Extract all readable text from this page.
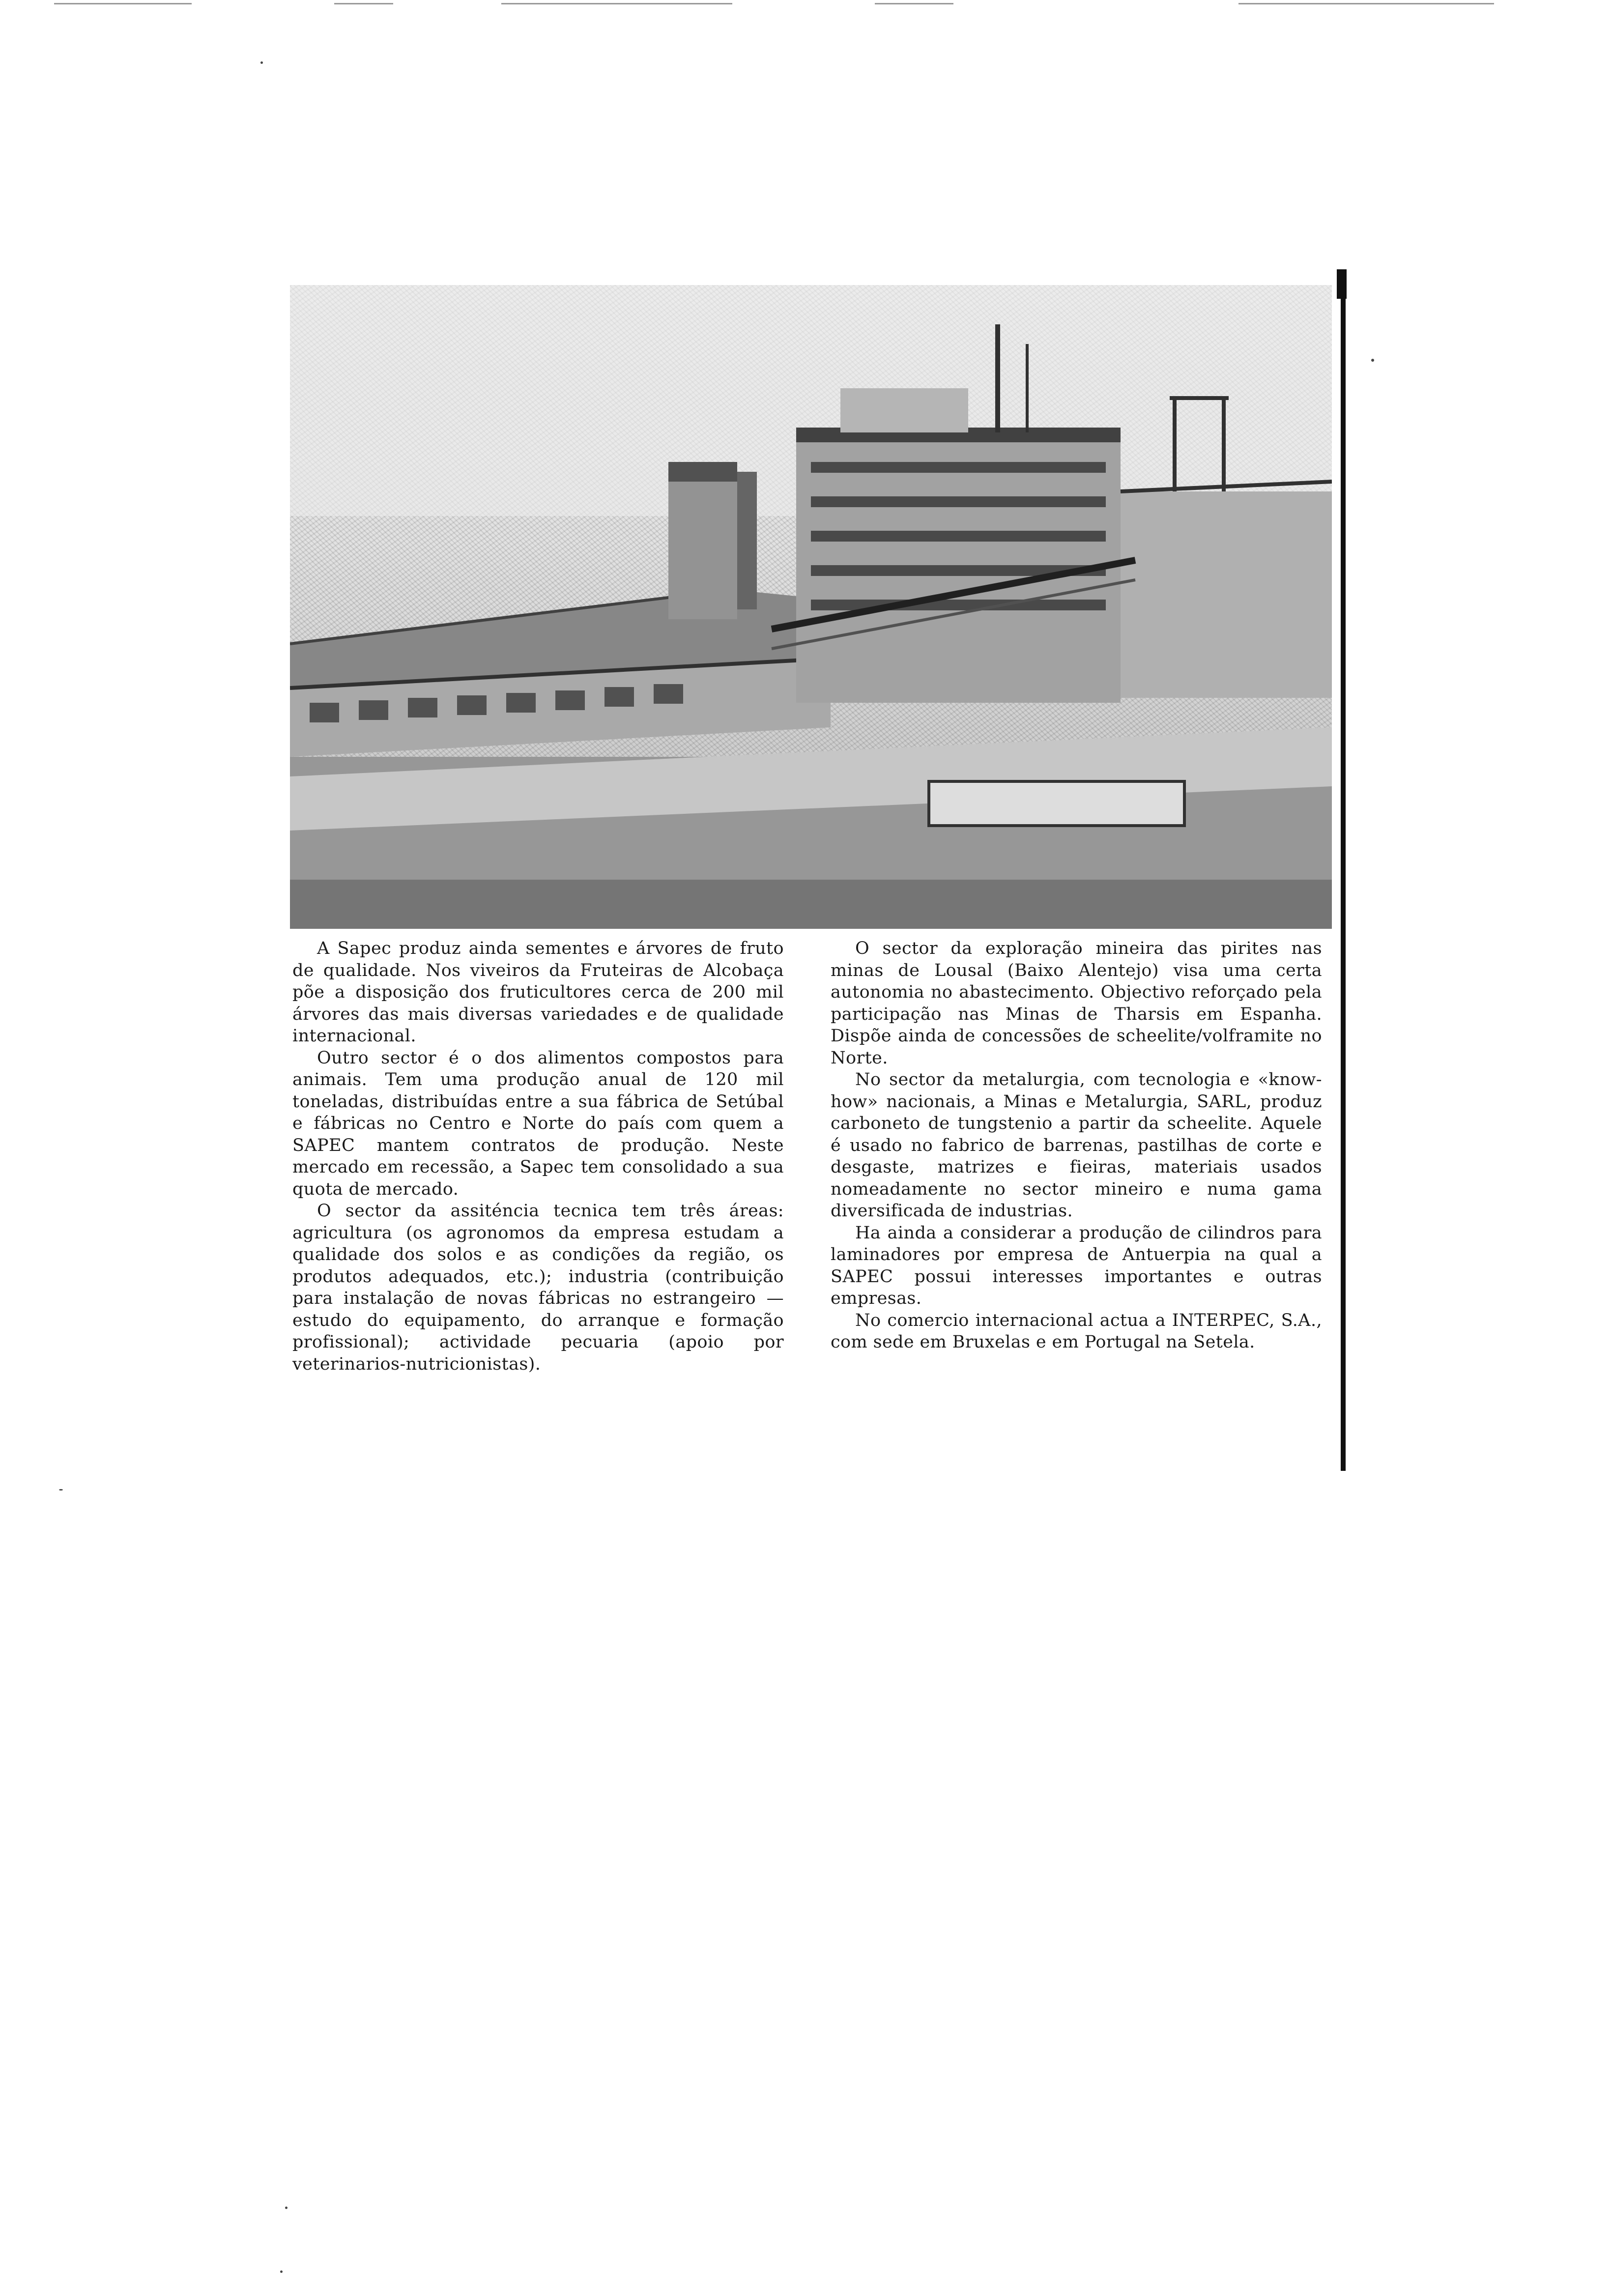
A Sapec produz ainda sementes e árvores de fruto de qualidade. Nos viveiros da Fruteiras de Alcobaça põe a disposição dos fruticultores cerca de 200 mil árvores das mais diversas variedades e de qualidade internacional.

Outro sector é o dos alimentos compostos para animais. Tem uma produção anual de 120 mil toneladas, distribuídas entre a sua fábrica de Setúbal e fábricas no Centro e Norte do país com quem a SAPEC mantem contratos de produção. Neste mercado em recessão, a Sapec tem consolidado a sua quota de mercado.

O sector da assiténcia tecnica tem três áreas: agricultura (os agronomos da empresa estudam a qualidade dos solos e as condições da região, os produtos adequados, etc.); industria (contribuição para instalação de novas fábricas no estrangeiro — estudo do equipamento, do arranque e formação profissional); actividade pecuaria (apoio por veterinarios-nutricionistas).

O sector da exploração mineira das pirites nas minas de Lousal (Baixo Alentejo) visa uma certa autonomia no abastecimento. Objectivo reforçado pela participação nas Minas de Tharsis em Espanha. Dispõe ainda de concessões de scheelite/volframite no Norte.

No sector da metalurgia, com tecnologia e «know-how» nacionais, a Minas e Metalurgia, SARL, produz carboneto de tungstenio a partir da scheelite. Aquele é usado no fabrico de barrenas, pastilhas de corte e desgaste, matrizes e fieiras, materiais usados nomeadamente no sector mineiro e numa gama diversificada de industrias.

Ha ainda a considerar a produção de cilindros para laminadores por empresa de Antuerpia na qual a SAPEC possui interesses importantes e outras empresas.

No comercio internacional actua a INTERPEC, S.A., com sede em Bruxelas e em Portugal na Setela.
